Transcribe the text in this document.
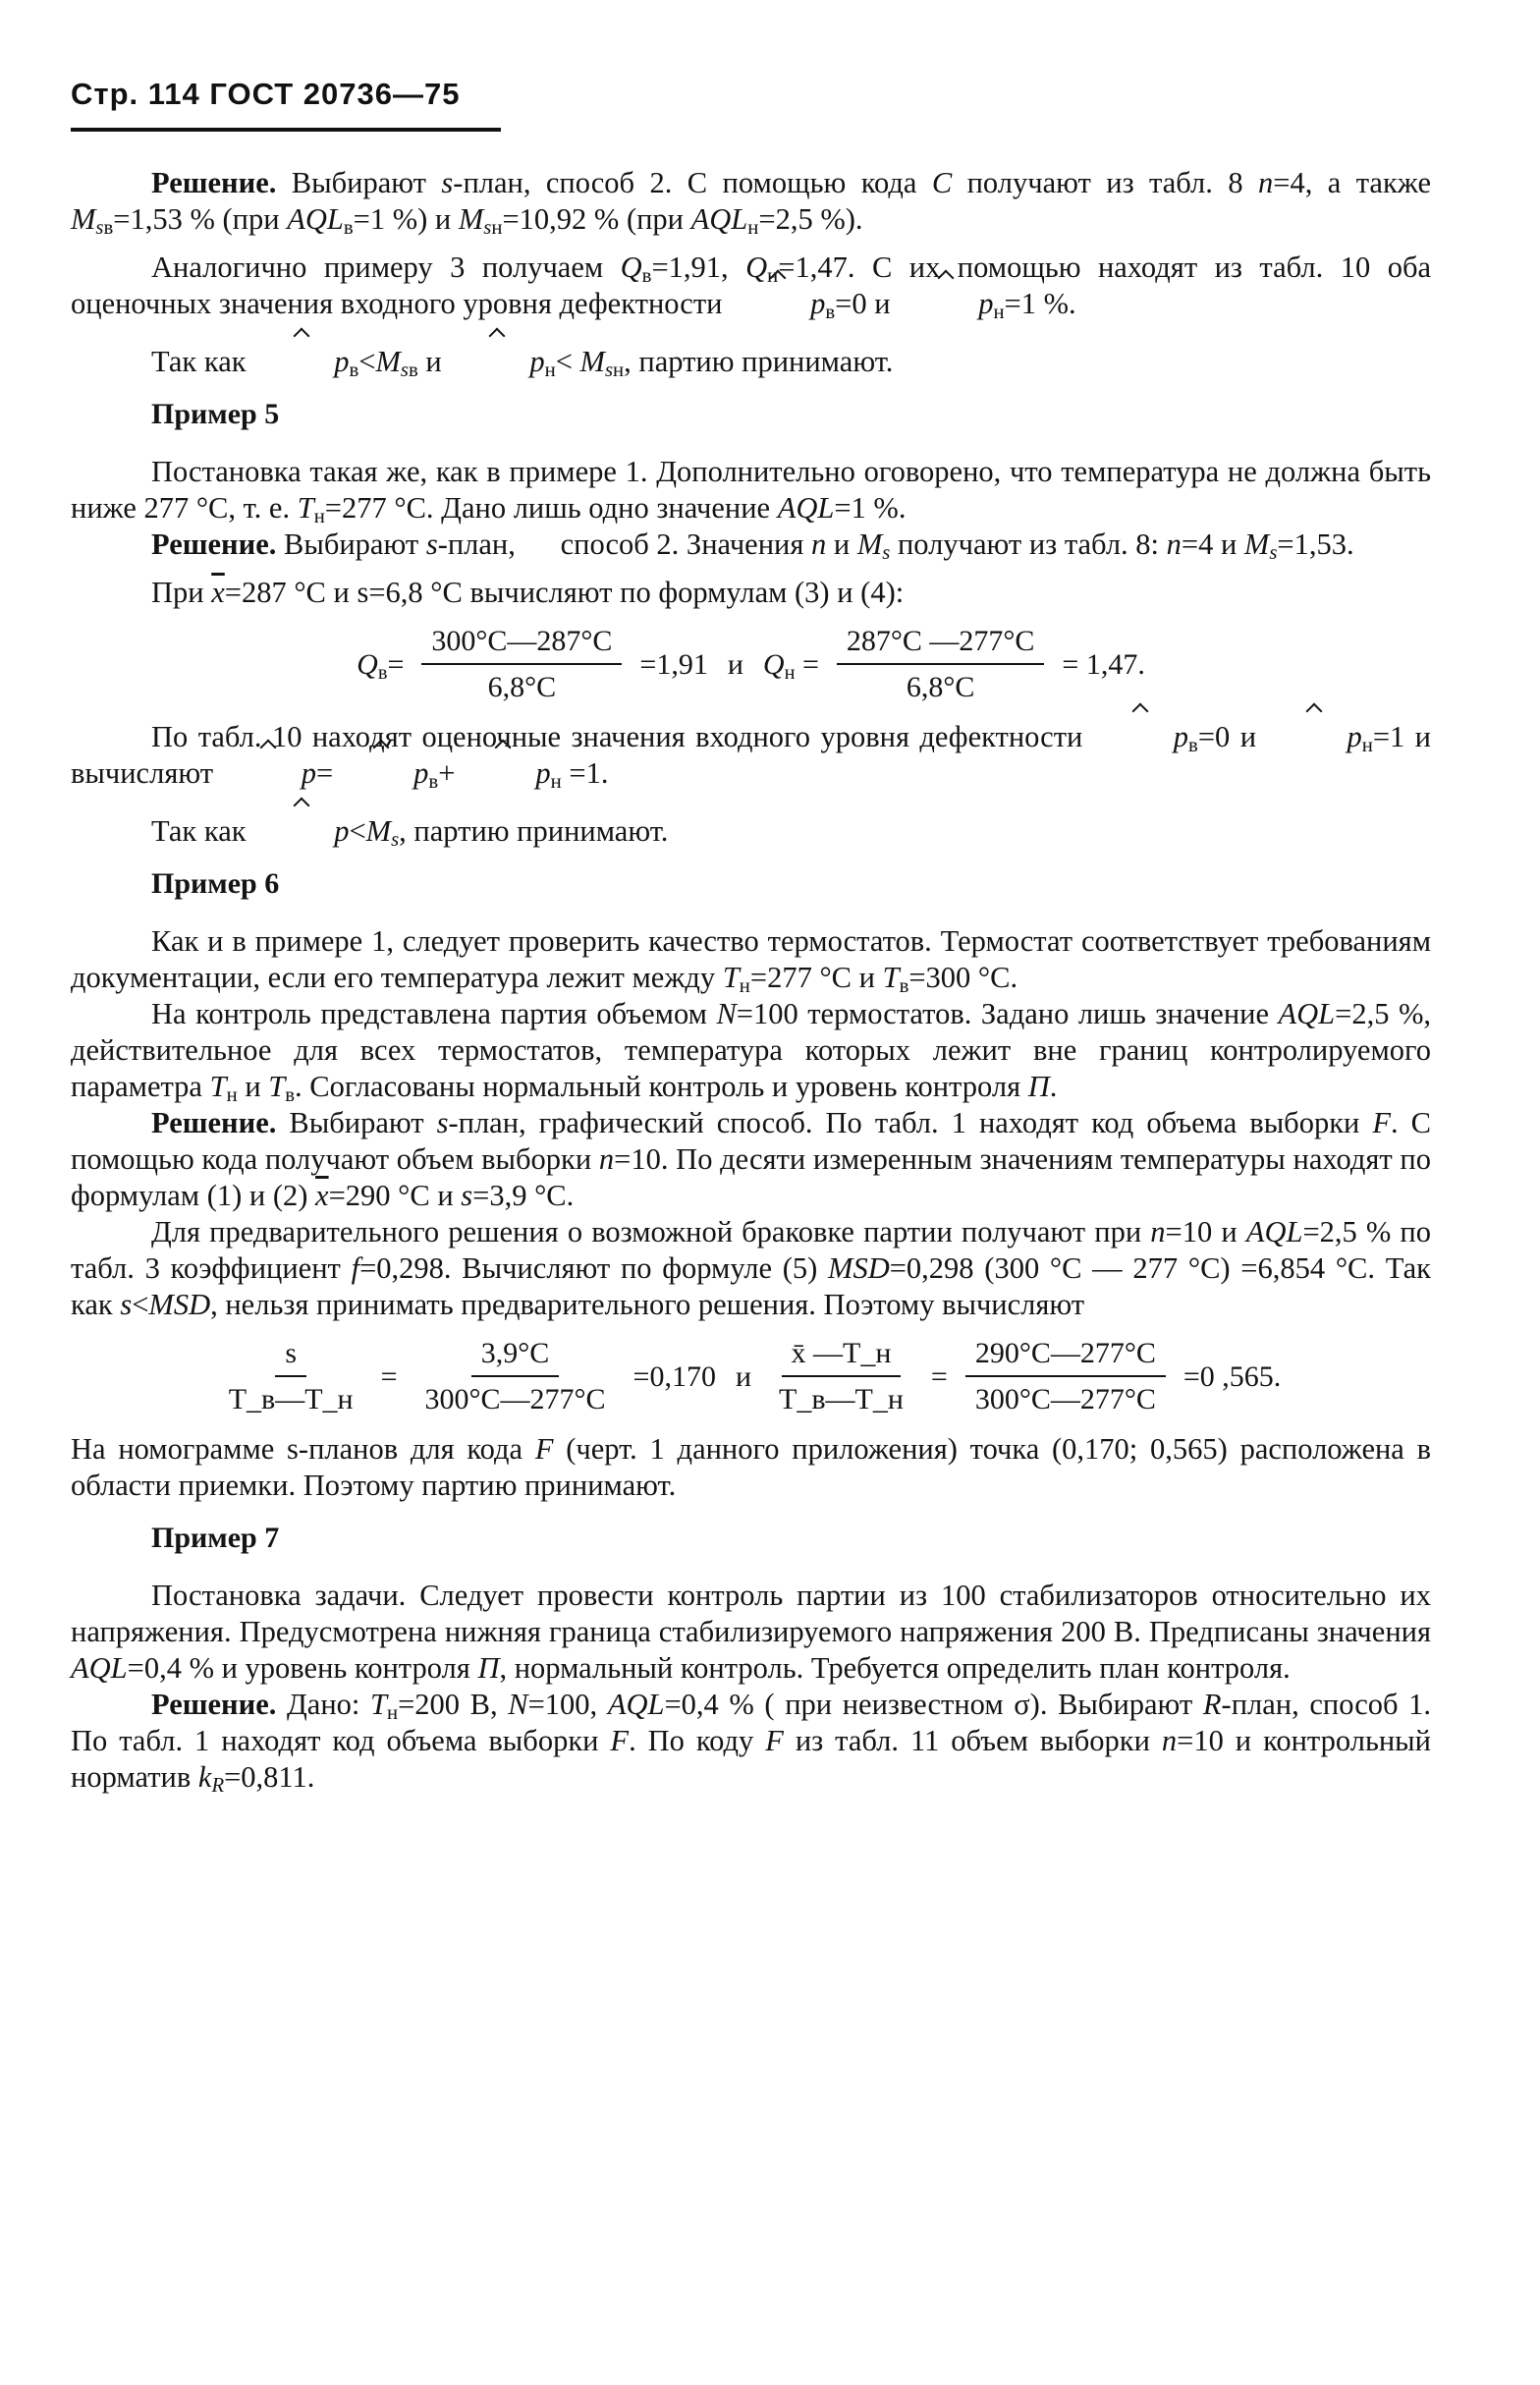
Стр. 114 ГОСТ 20736—75

Решение. Выбирают s-план, способ 2. С помощью кода C получают из табл. 8 n=4, а также $M_{sв}=1,53$ % (при $AQL_в=1$ %) и $M_{sн}=10,92$ % (при $AQL_н=2,5$ %).

Аналогично примеру 3 получаем $Q_в=1,91$, $Q_н=1,47$. С их помощью находят из табл. 10 оба оценочных значения входного уровня дефектности	$p_в=0$ и	$p_н=1$ %.

Так как	$p_в<M_{sв}$ и	$p_н< M_{sн}$, партию принимают.

Пример 5

Постановка такая же, как в примере 1. Дополнительно оговорено, что температура не должна быть ниже 277 °С, т. е. $T_н=277$ °С. Дано лишь одно значение AQL=1 %.

Решение. Выбирают s-план,      способ 2. Значения n и $M_s$ получают из табл. 8: n=4 и $M_s=1,53$.

При $\overline{x}=287$ °С и s=6,8 °С вычисляют по формулам (3) и (4):

$Q_в= \frac{300^\circ С—287^\circ С}{6,8^\circ С} =1,91$ и $Q_н = \frac{287^\circ С —277^\circ С}{6,8^\circ С} = 1,47$.

По табл. 10 находят оценочные значения входного уровня дефектности	$p_в=0$ и	$p_н=1$ и вычисляют	p=	$p_в+$	$p_н =1$.

Так как	$p<M_s$, партию принимают.

Пример 6

Как и в примере 1, следует проверить качество термостатов. Термостат соответствует требованиям документации, если его температура лежит между $T_н=277$ °С и $T_в=300$ °С.

На контроль представлена партия объемом N=100 термостатов. Задано лишь значение AQL=2,5 %, действительное для всех термостатов, температура которых лежит вне границ контролируемого параметра $T_н$ и $T_в$. Согласованы нормальный контроль и уровень контроля П.

Решение. Выбирают s-план, графический способ. По табл. 1 находят код объема выборки F. С помощью кода получают объем выборки n=10. По десяти измеренным значениям температуры находят по формулам (1) и (2) $\overline{x}=290$ °С и s=3,9 °С.

Для предварительного решения о возможной браковке партии получают при n=10 и AQL=2,5 % по табл. 3 коэффициент f=0,298. Вычисляют по формуле (5) MSD=0,298 (300 °С — 277 °С) =6,854 °С. Так как s<MSD, нельзя принимать предварительного решения. Поэтому вычисляют

$\frac{s}{T\_в—T\_н} = \frac{3,9^\circ С}{300^\circ С—277^\circ С} =0,170$ и $\frac{x̄ —T\_н}{T\_в—T\_н} = \frac{290^\circ С—277^\circ С}{300^\circ С—277^\circ С} =0$ ,565.

На номограмме s-планов для кода F (черт. 1 данного приложения) точка (0,170; 0,565) расположена в области приемки. Поэтому партию принимают.

Пример 7

Постановка задачи. Следует провести контроль партии из 100 стабилизаторов относительно их напряжения. Предусмотрена нижняя граница стабилизируемого напряжения 200 В. Предписаны значения AQL=0,4 % и уровень контроля П, нормальный контроль. Требуется определить план контроля.

Решение. Дано: $T_н=200$ В, N=100, AQL=0,4 % ( при неизвестном σ). Выбирают R-план, способ 1. По табл. 1 находят код объема выборки F. По коду F из табл. 11 объем выборки n=10 и контрольный норматив $k_R=0,811$.
